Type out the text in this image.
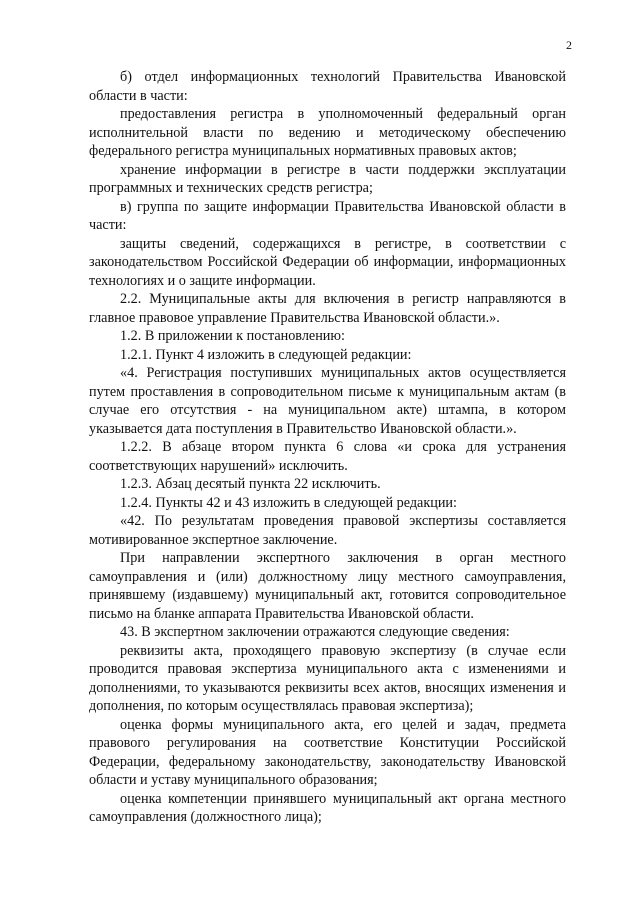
2

б) отдел информационных технологий Правительства Ивановской области в части:

предоставления регистра в уполномоченный федеральный орган исполнительной власти по ведению и методическому обеспечению федерального регистра муниципальных нормативных правовых актов;

хранение информации в регистре в части поддержки эксплуатации программных и технических средств регистра;

в) группа по защите информации Правительства Ивановской области в части:

защиты сведений, содержащихся в регистре, в соответствии с законодательством Российской Федерации об информации, информационных технологиях и о защите информации.

2.2. Муниципальные акты для включения в регистр направляются в главное правовое управление Правительства Ивановской области.».

1.2. В приложении к постановлению:

1.2.1. Пункт 4 изложить в следующей редакции:

«4. Регистрация поступивших муниципальных актов осуществляется путем проставления в сопроводительном письме к муниципальным актам (в случае его отсутствия - на муниципальном акте) штампа, в котором указывается дата поступления в Правительство Ивановской области.».

1.2.2. В абзаце втором пункта 6 слова «и срока для устранения соответствующих нарушений» исключить.

1.2.3. Абзац десятый пункта 22 исключить.

1.2.4. Пункты 42 и 43 изложить в следующей редакции:

«42. По результатам проведения правовой экспертизы составляется мотивированное экспертное заключение.

При направлении экспертного заключения в орган местного самоуправления и (или) должностному лицу местного самоуправления, принявшему (издавшему) муниципальный акт, готовится сопроводительное письмо на бланке аппарата Правительства Ивановской области.

43. В экспертном заключении отражаются следующие сведения:

реквизиты акта, проходящего правовую экспертизу (в случае если проводится правовая экспертиза муниципального акта с изменениями и дополнениями, то указываются реквизиты всех актов, вносящих изменения и дополнения, по которым осуществлялась правовая экспертиза);

оценка формы муниципального акта, его целей и задач, предмета правового регулирования на соответствие Конституции Российской Федерации, федеральному законодательству, законодательству Ивановской области и уставу муниципального образования;

оценка компетенции принявшего муниципальный акт органа местного самоуправления (должностного лица);
